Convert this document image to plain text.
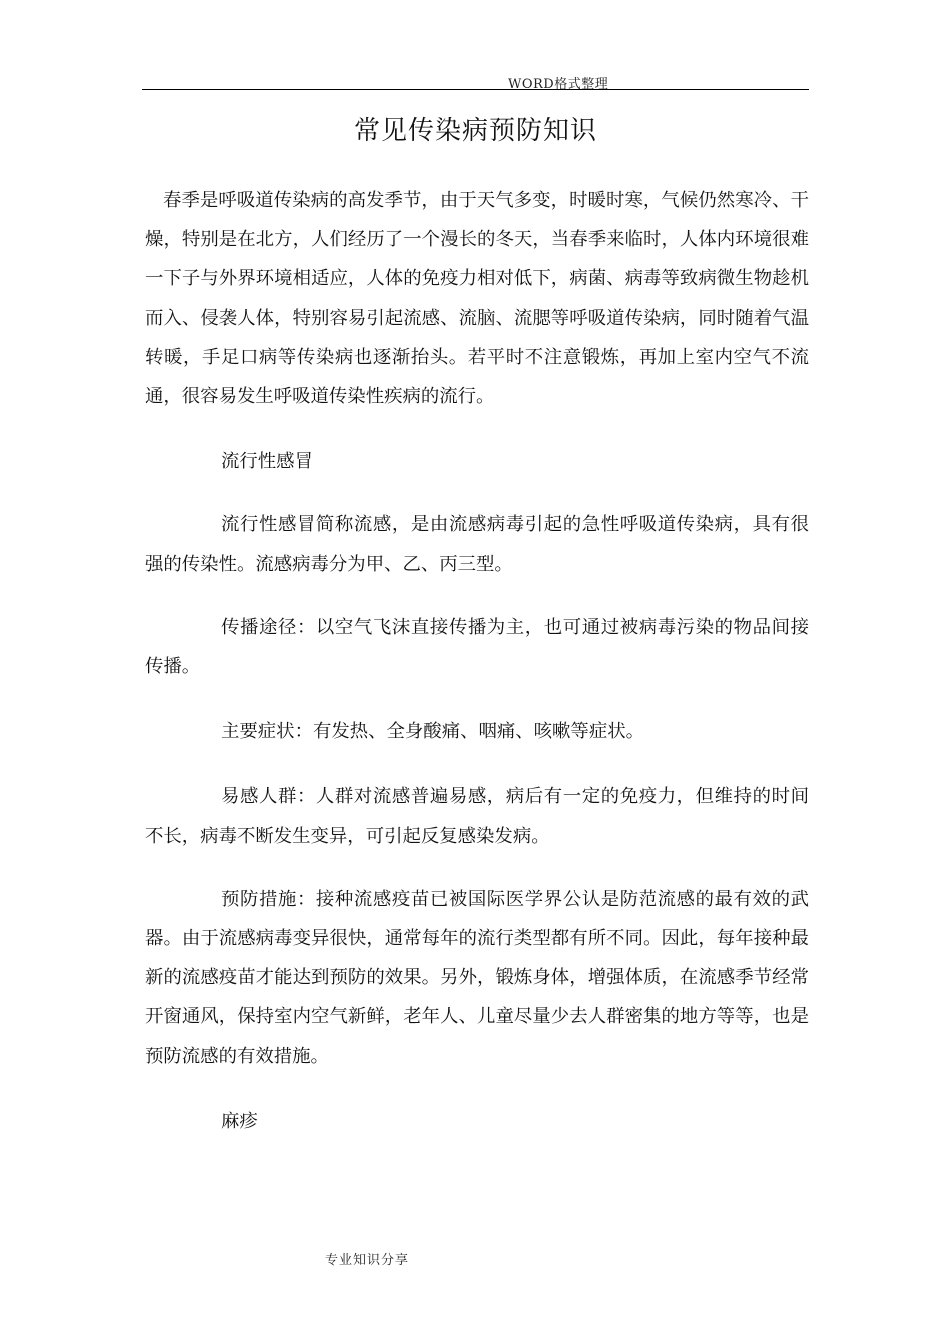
WORD格式整理
常见传染病预防知识

春季是呼吸道传染病的高发季节，由于天气多变，时暖时寒，气候仍然寒冷、干燥，特别是在北方，人们经历了一个漫长的冬天，当春季来临时，人体内环境很难一下子与外界环境相适应，人体的免疫力相对低下，病菌、病毒等致病微生物趁机而入、侵袭人体，特别容易引起流感、流脑、流腮等呼吸道传染病，同时随着气温转暖，手足口病等传染病也逐渐抬头。若平时不注意锻炼，再加上室内空气不流通，很容易发生呼吸道传染性疾病的流行。

流行性感冒

流行性感冒简称流感，是由流感病毒引起的急性呼吸道传染病，具有很强的传染性。流感病毒分为甲、乙、丙三型。

传播途径：以空气飞沫直接传播为主，也可通过被病毒污染的物品间接传播。

主要症状：有发热、全身酸痛、咽痛、咳嗽等症状。

易感人群：人群对流感普遍易感，病后有一定的免疫力，但维持的时间不长，病毒不断发生变异，可引起反复感染发病。

预防措施：接种流感疫苗已被国际医学界公认是防范流感的最有效的武器。由于流感病毒变异很快，通常每年的流行类型都有所不同。因此，每年接种最新的流感疫苗才能达到预防的效果。另外，锻炼身体，增强体质，在流感季节经常开窗通风，保持室内空气新鲜，老年人、儿童尽量少去人群密集的地方等等，也是预防流感的有效措施。

麻疹

专业知识分享
